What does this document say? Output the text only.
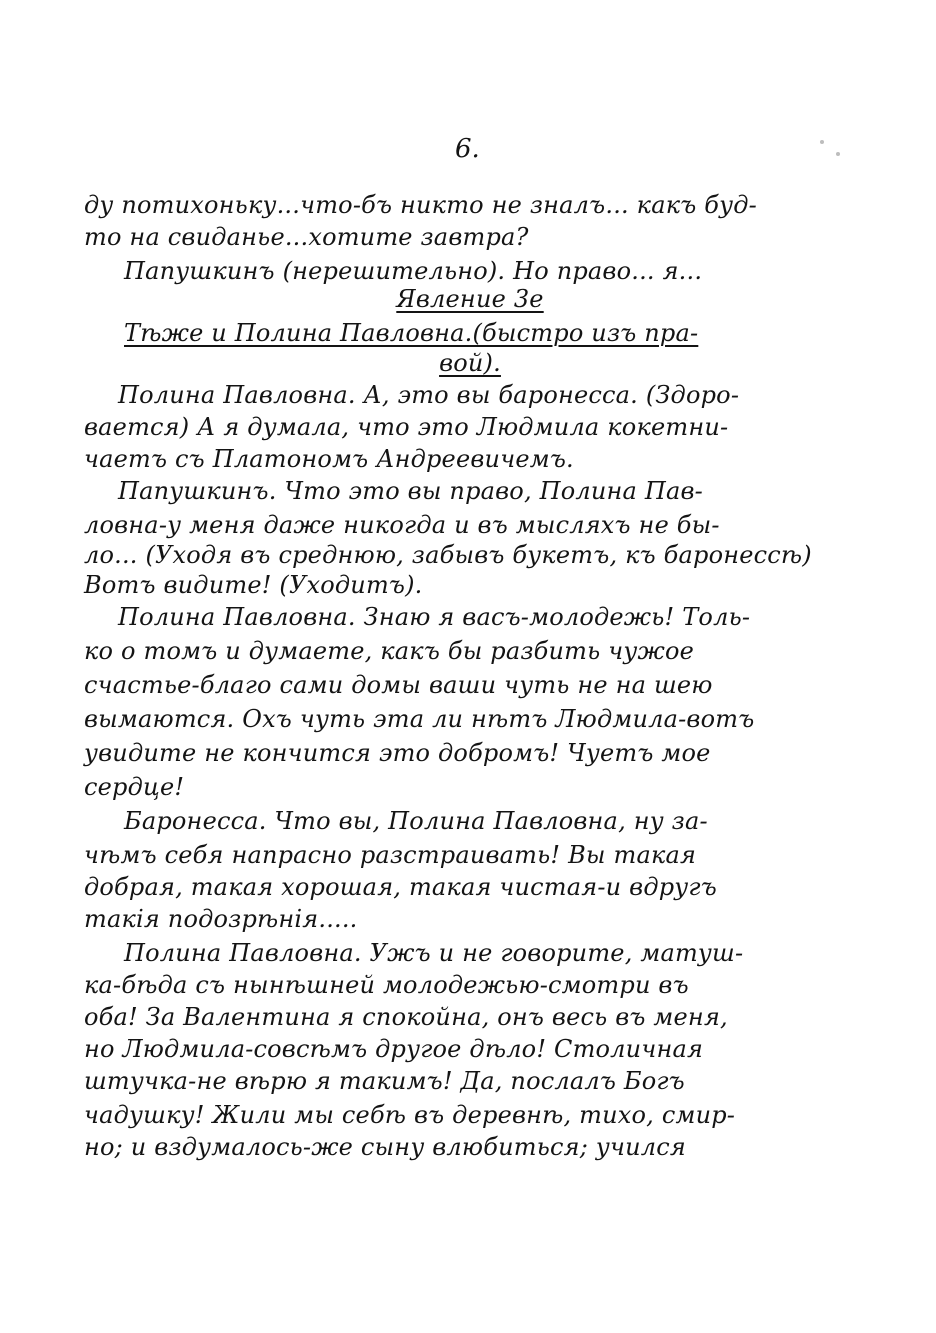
6.
ду потихоньку...что-бъ никто не зналъ... какъ буд-
то на свиданьe...хотите завтра?
Папушкинъ (нерешительно). Но право... я...
Явление 3е
Тѣже и Полина Павловна.(быстро изъ пра-
вой).
Полина Павловна. А, это вы баронесса. (Здоро-
вается) А я думала, что это Людмила кокетни-
чаетъ съ Платономъ Андреевичемъ.
Папушкинъ. Что это вы право, Полина Пав-
ловна-у меня даже никогда и въ мысляхъ не бы-
ло... (Уходя въ среднюю, забывъ букетъ, къ баронессѣ)
Вотъ видите! (Уходитъ).
Полина Павловна. Знаю я васъ-молодежь! Толь-
ко о томъ и думаете, какъ бы разбить чужое
счастье-благо сами домы ваши чуть не на шею
вымаются. Охъ чуть эта ли нѣтъ Людмила-вотъ
увидите не кончится это добромъ! Чуетъ мое
сердце!
Баронесса. Что вы, Полина Павловна, ну за-
чѣмъ себя напрасно разстраивать! Вы такая
добрая, такая хорошая, такая чистая-и вдругъ
такія подозрѣнія.....
Полина Павловна. Ужъ и не говорите, матуш-
ка-бѣда съ нынѣшней молодежью-смотри въ
оба! За Валентина я спокойна, онъ весь въ меня,
но Людмила-совсѣмъ другое дѣло! Столичная
штучка-не вѣрю я такимъ! Да, послалъ Богъ
чадушку! Жили мы себѣ въ деревнѣ, тихо, смир-
но; и вздумалось-же сыну влюбиться; учился
